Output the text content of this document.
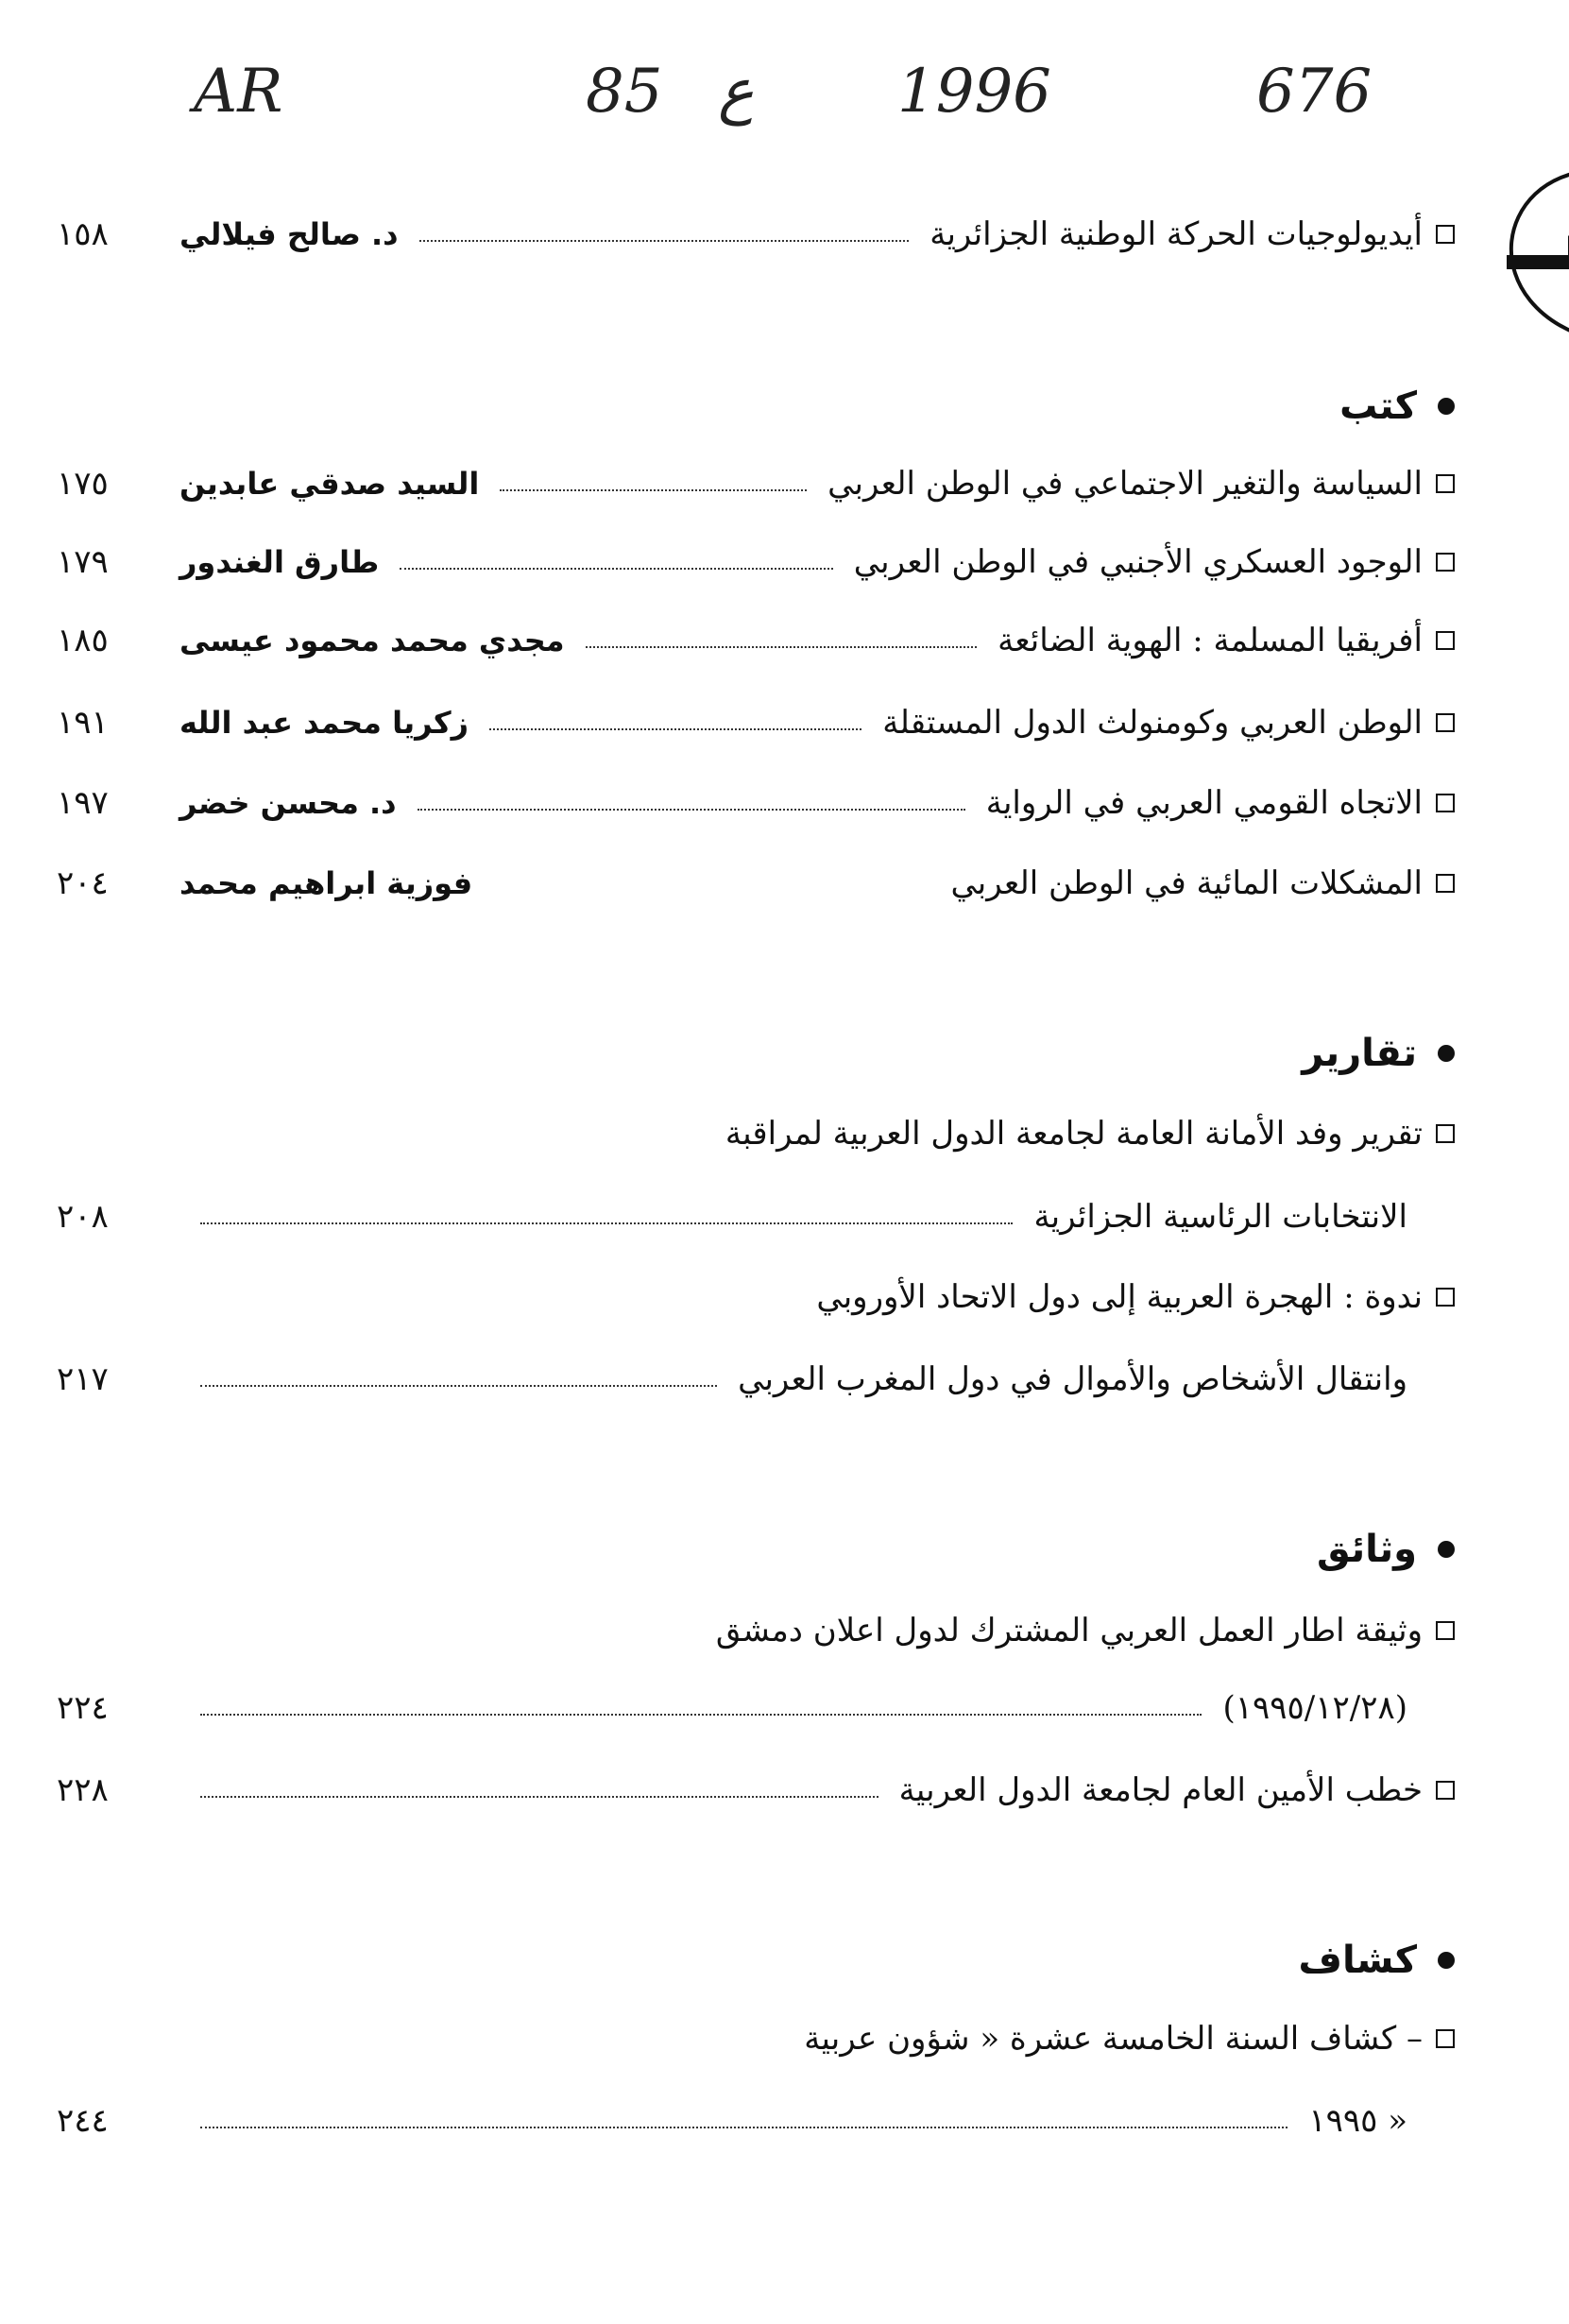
AR	85 ع 1996	676
أيديولوجيات الحركة الوطنية الجزائرية
د. صالح فيلالي
١٥٨
كتب
السياسة والتغير الاجتماعي في الوطن العربي
السيد صدقي عابدين
١٧٥
الوجود العسكري الأجنبي في الوطن العربي
طارق الغندور
١٧٩
أفريقيا المسلمة : الهوية الضائعة
مجدي محمد محمود عيسى
١٨٥
الوطن العربي وكومنولث الدول المستقلة
زكريا محمد عبد الله
١٩١
الاتجاه القومي العربي في الرواية
د. محسن خضر
١٩٧
المشكلات المائية في الوطن العربي
فوزية ابراهيم محمد
٢٠٤
تقارير
تقرير وفد الأمانة العامة لجامعة الدول العربية لمراقبة
الانتخابات الرئاسية الجزائرية
٢٠٨
ندوة : الهجرة العربية إلى دول الاتحاد الأوروبي
وانتقال الأشخاص والأموال في دول المغرب العربي
٢١٧
وثائق
وثيقة اطار العمل العربي المشترك لدول اعلان دمشق
(١٩٩٥/١٢/٢٨)
٢٢٤
خطب الأمين العام لجامعة الدول العربية
٢٢٨
كشاف
كشاف السنة الخامسة عشرة « شؤون عربية –
١٩٩٥ »
٢٤٤
